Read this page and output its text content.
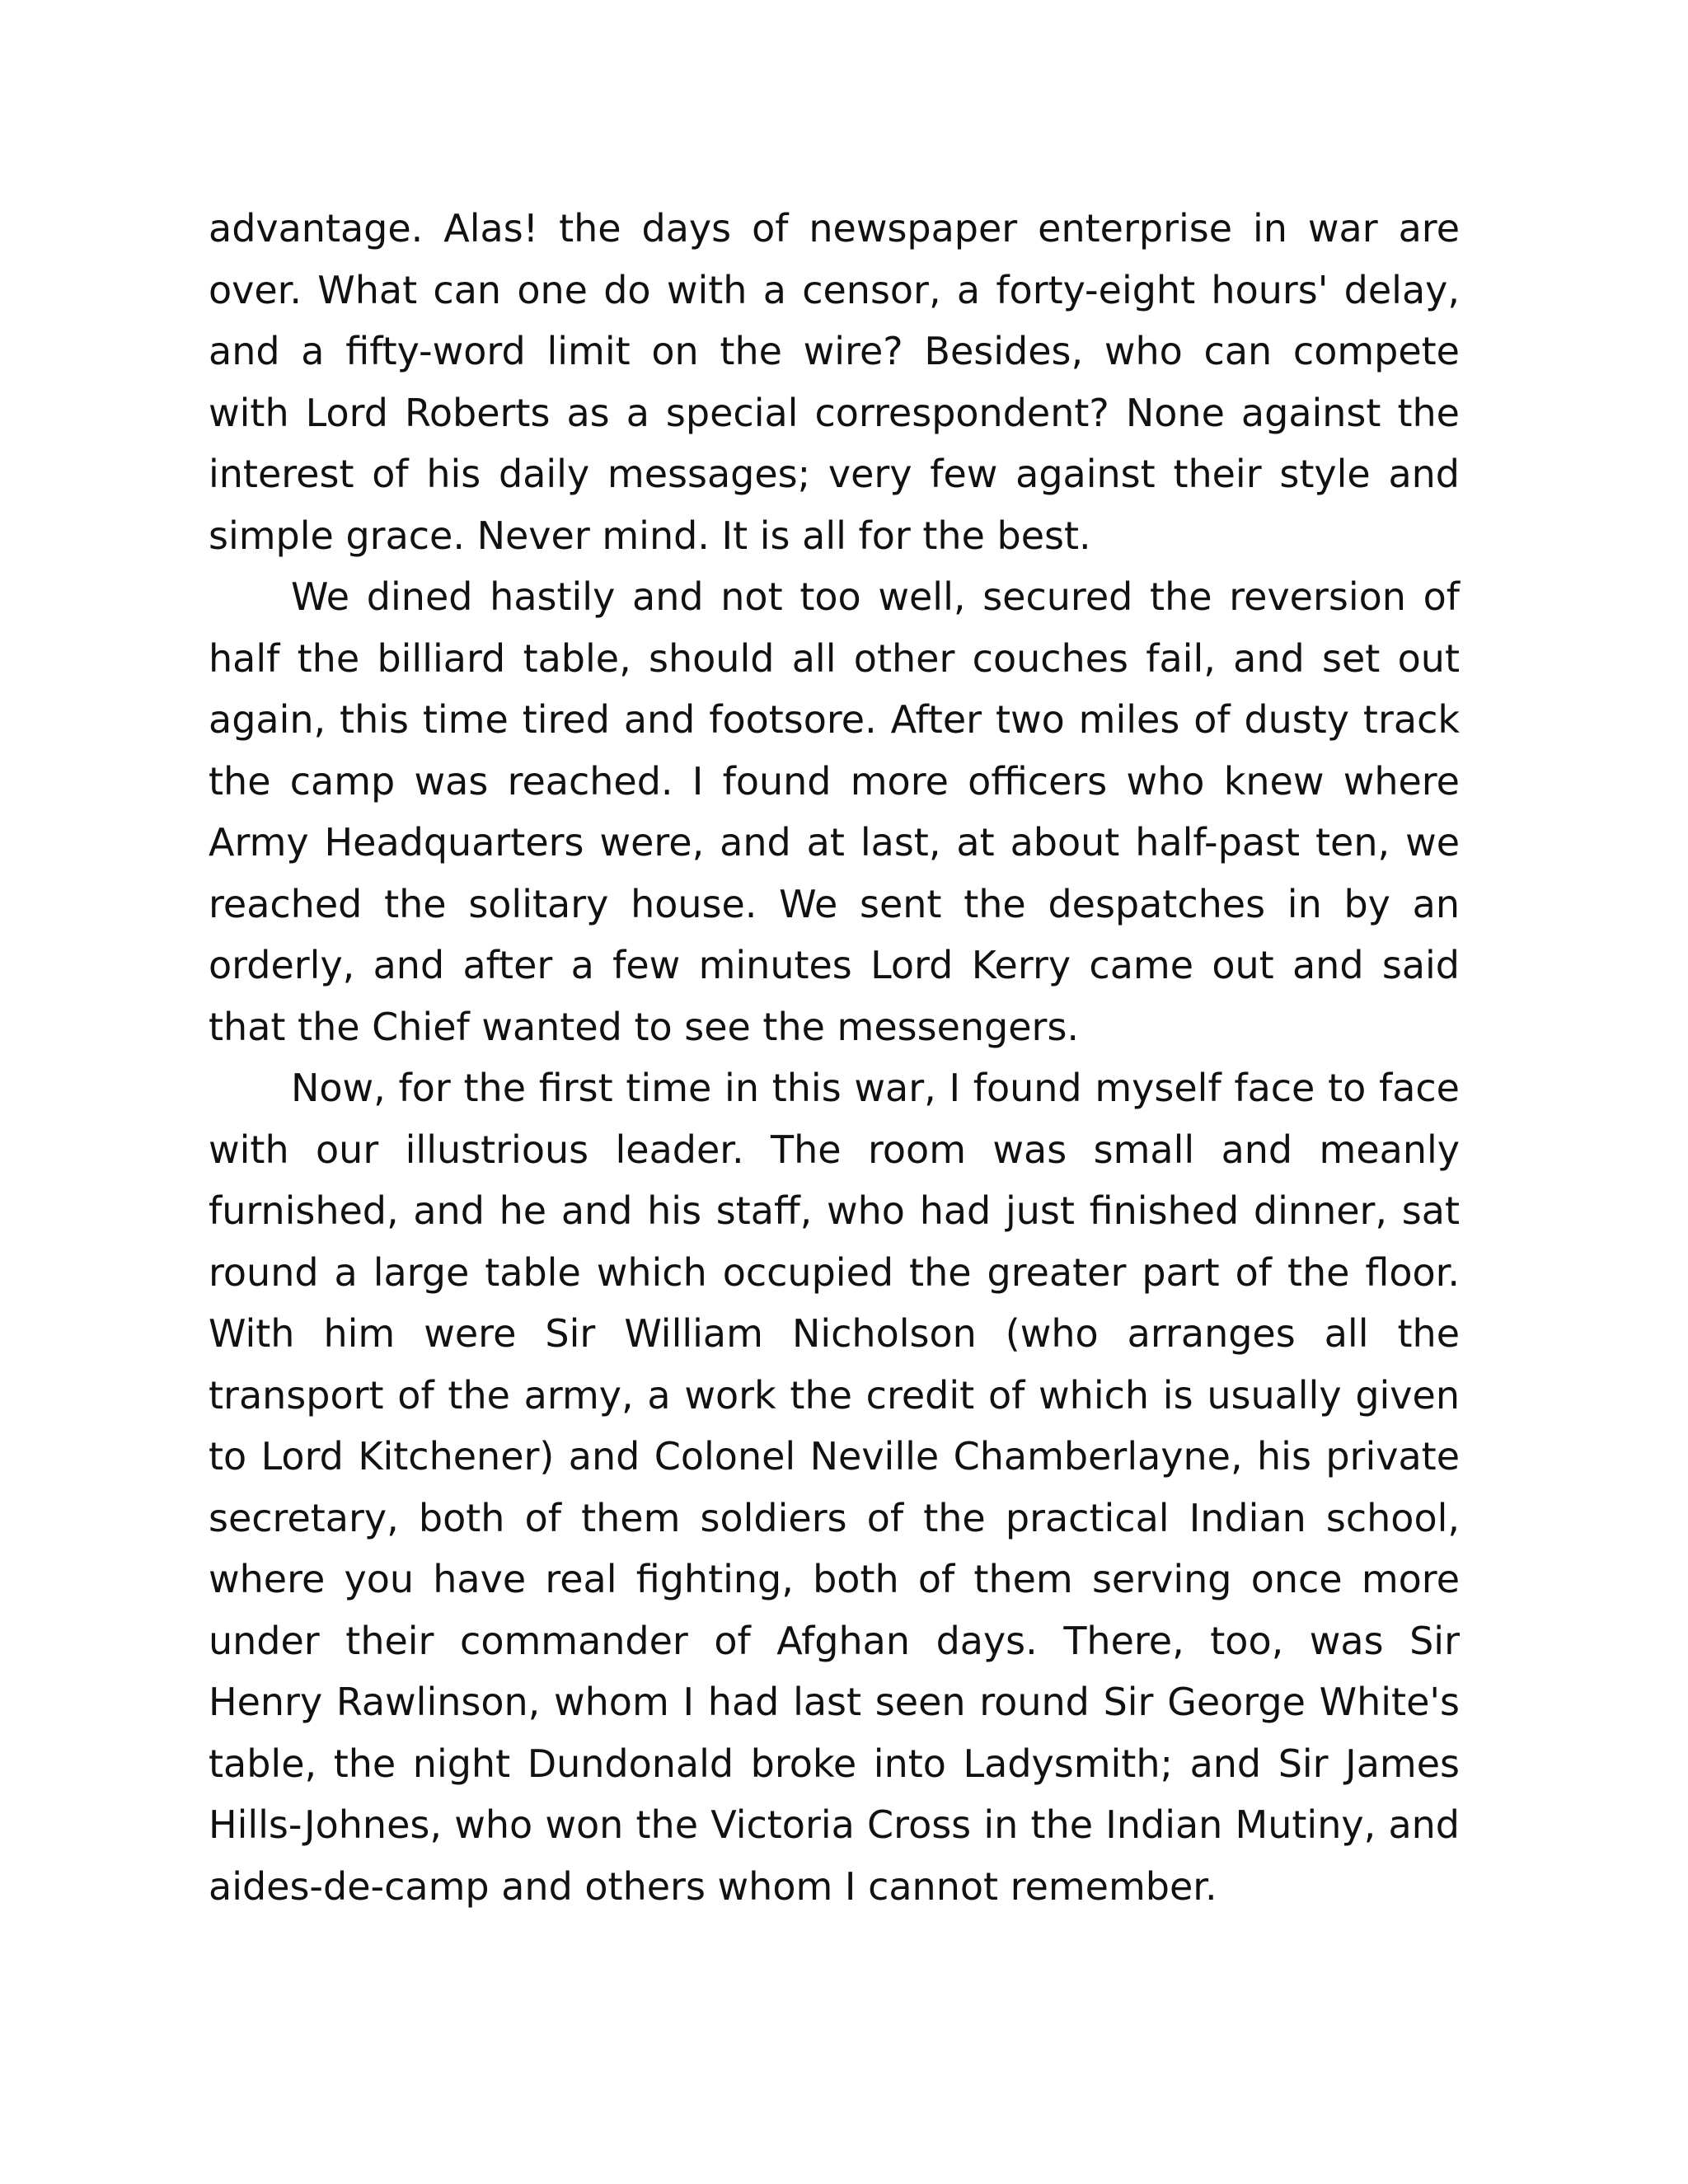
advantage. Alas! the days of newspaper enterprise in war are over. What can one do with a censor, a forty-eight hours' delay, and a fifty-word limit on the wire? Besides, who can compete with Lord Roberts as a special correspondent? None against the interest of his daily messages; very few against their style and simple grace. Never mind. It is all for the best.

We dined hastily and not too well, secured the reversion of half the billiard table, should all other couches fail, and set out again, this time tired and footsore. After two miles of dusty track the camp was reached. I found more officers who knew where Army Headquarters were, and at last, at about half-past ten, we reached the solitary house. We sent the despatches in by an orderly, and after a few minutes Lord Kerry came out and said that the Chief wanted to see the messengers.

Now, for the first time in this war, I found myself face to face with our illustrious leader. The room was small and meanly furnished, and he and his staff, who had just finished dinner, sat round a large table which occupied the greater part of the floor. With him were Sir William Nicholson (who arranges all the transport of the army, a work the credit of which is usually given to Lord Kitchener) and Colonel Neville Chamberlayne, his private secretary, both of them soldiers of the practical Indian school, where you have real fighting, both of them serving once more under their commander of Afghan days. There, too, was Sir Henry Rawlinson, whom I had last seen round Sir George White's table, the night Dundonald broke into Ladysmith; and Sir James Hills-Johnes, who won the Victoria Cross in the Indian Mutiny, and aides-de-camp and others whom I cannot remember.
